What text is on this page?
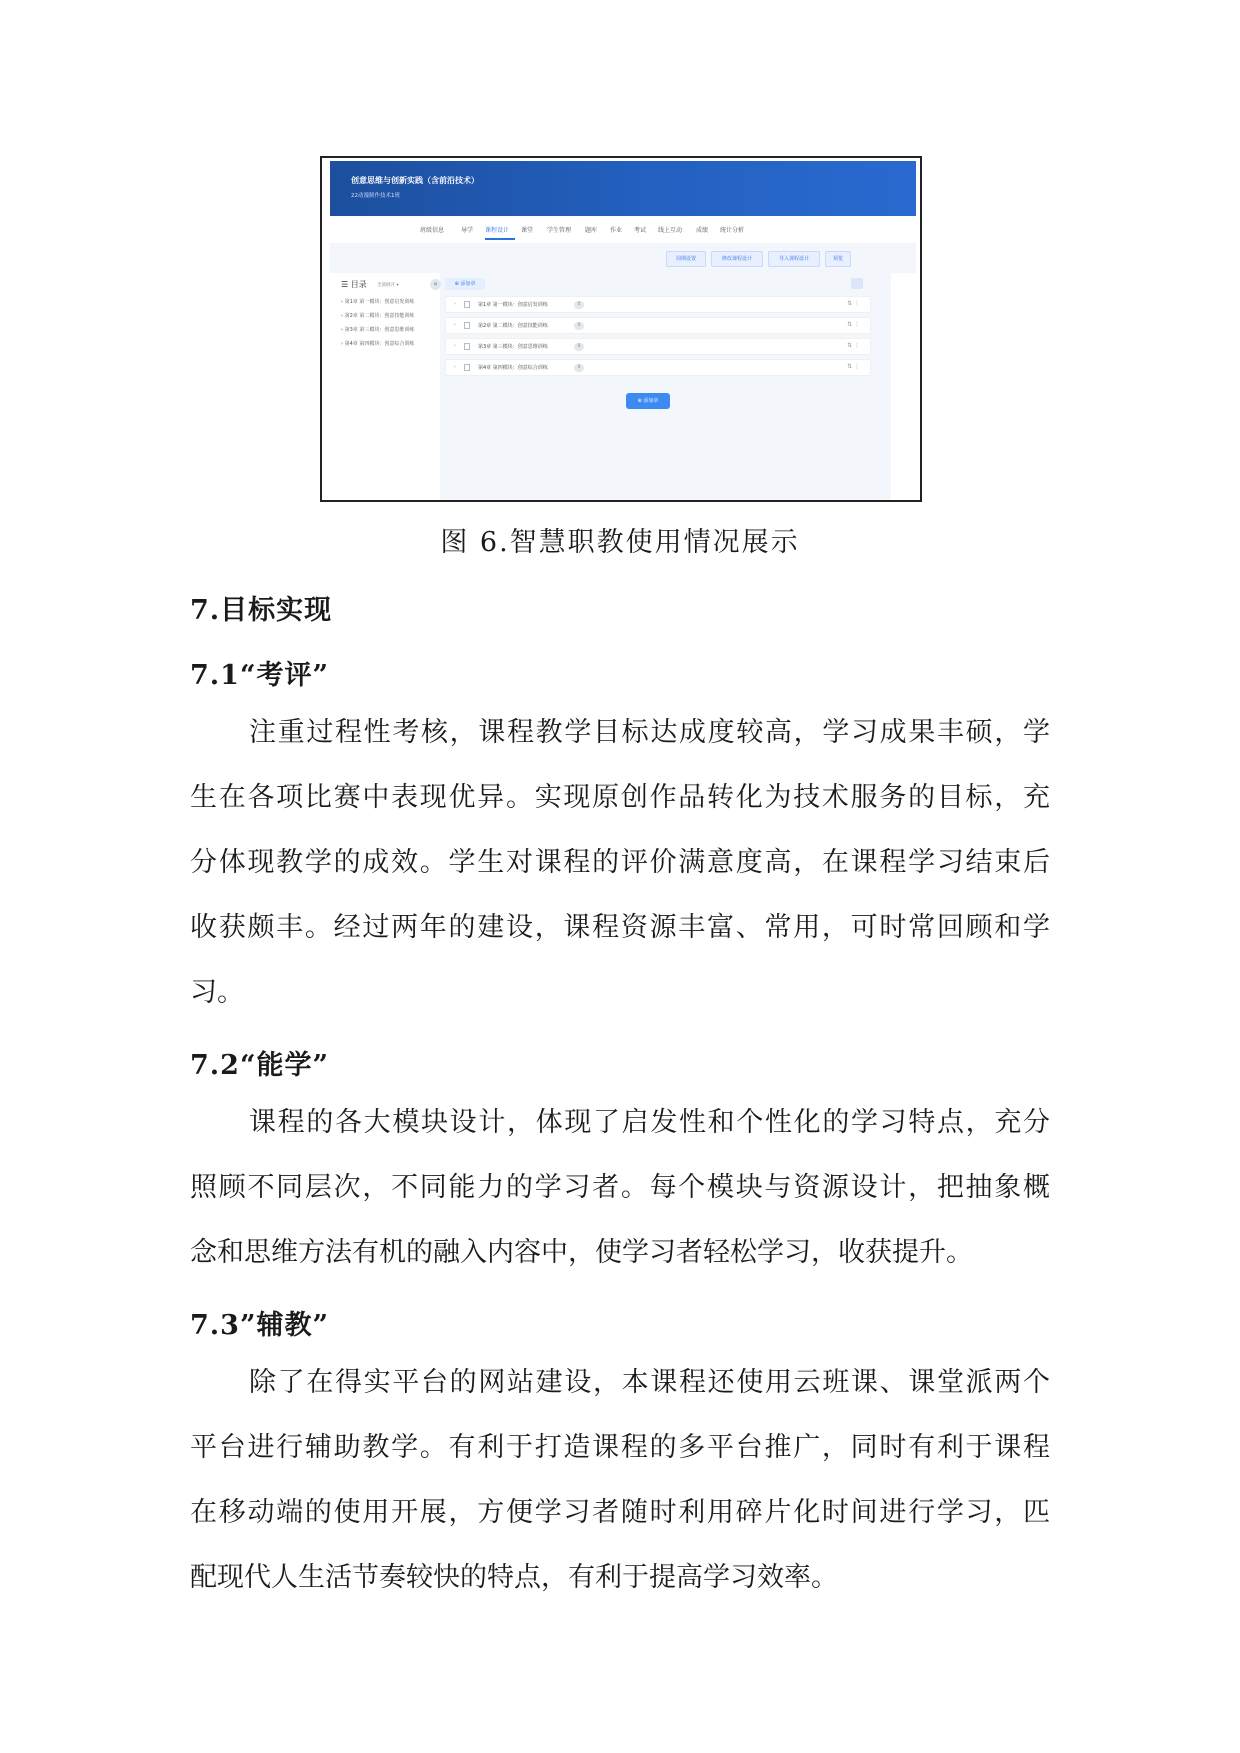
创意思维与创新实践（含前沿技术）
22动漫制作技术1班
班级信息	导学 课程设计 课堂 学生管理 题库 作业 考试 线上互动 成绩 统计分析
周期设置	修改课程设计	导入课程设计	预览
☰ 目录 全部展开 ▾	«
› 第1章 第一模块：创意启发训练
› 第2章 第二模块：创意技能训练
› 第3章 第三模块：创意思维训练
› 第4章 第四模块：创意综合训练
⊕ 添加章
›	第1章 第一模块：创意启发训练	0	⇅ ⋮
›	第2章 第二模块：创意技能训练	0	⇅ ⋮
›	第3章 第三模块：创意思维训练	0	⇅ ⋮
›	第4章 第四模块：创意综合训练	0	⇅ ⋮
⊕ 添加章
图 6.智慧职教使用情况展示
7.目标实现
7.1“考评”
注重过程性考核，课程教学目标达成度较高，学习成果丰硕，学
生在各项比赛中表现优异。实现原创作品转化为技术服务的目标，充
分体现教学的成效。学生对课程的评价满意度高，在课程学习结束后
收获颇丰。经过两年的建设，课程资源丰富、常用，可时常回顾和学
习。
7.2“能学”
课程的各大模块设计，体现了启发性和个性化的学习特点，充分
照顾不同层次，不同能力的学习者。每个模块与资源设计，把抽象概
念和思维方法有机的融入内容中，使学习者轻松学习，收获提升。
7.3”辅教”
除了在得实平台的网站建设，本课程还使用云班课、课堂派两个
平台进行辅助教学。有利于打造课程的多平台推广，同时有利于课程
在移动端的使用开展，方便学习者随时利用碎片化时间进行学习，匹
配现代人生活节奏较快的特点，有利于提高学习效率。
